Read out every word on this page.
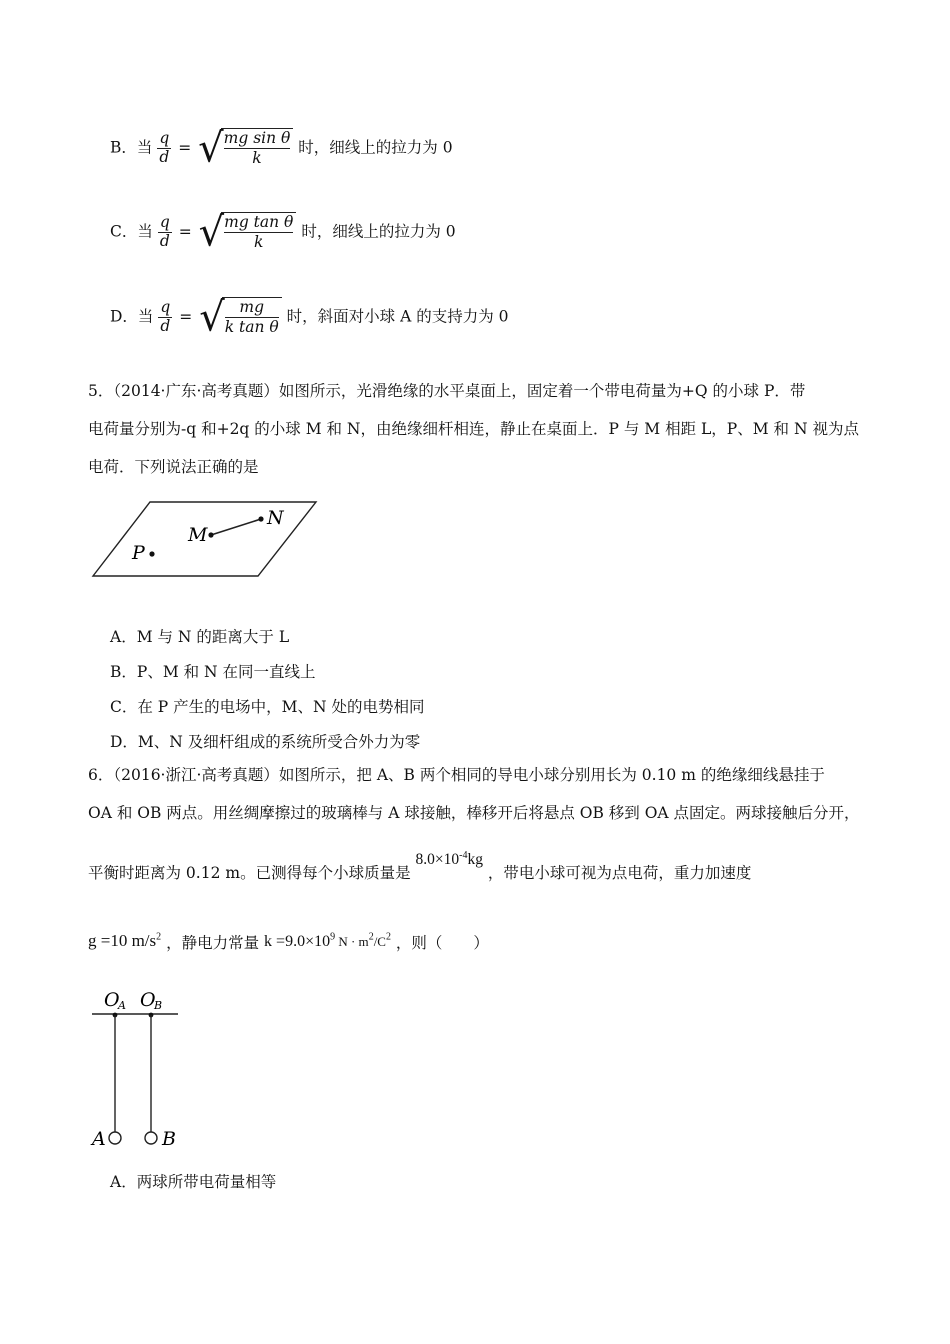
B．当 $\frac{q}{d}$ = √
$\frac{\text{mg sin θ}}{k}$ 时，细线上的拉力为 0
C．当 $\frac{q}{d}$ = √
$\frac{\text{mg tan θ}}{k}$ 时，细线上的拉力为 0
D．当 $\frac{q}{d}$ = √
$\frac{mg}{\text{k tan θ}}$ 时，斜面对小球 A 的支持力为 0
5．（2014·广东·高考真题）如图所示，光滑绝缘的水平桌面上，固定着一个带电荷量为+Q 的小球 P．带
电荷量分别为-q 和+2q 的小球 M 和 N，由绝缘细杆相连，静止在桌面上．P 与 M 相距 L，P、M 和 N 视为点
电荷．下列说法正确的是
M
N
P
A．M 与 N 的距离大于 L
B．P、M 和 N 在同一直线上
C．在 P 产生的电场中，M、N 处的电势相同
D．M、N 及细杆组成的系统所受合外力为零
6．（2016·浙江·高考真题）如图所示，把 A、B 两个相同的导电小球分别用长为 0.10 m 的绝缘细线悬挂于
OA 和 OB 两点。用丝绸摩擦过的玻璃棒与 A 球接触，棒移开后将悬点 OB 移到 OA 点固定。两球接触后分开，
平衡时距离为 0.12 m。已测得每个小球质量是 $8.0\times 10^{-4}kg$ ，带电小球可视为点电荷，重力加速度
g =10 $m/s^2$ ，静电力常量 $k =9.0\times 10^9$ $N \cdot m^2/C^2$ ，则（　　）
O
A O
B
A	B
A．两球所带电荷量相等
